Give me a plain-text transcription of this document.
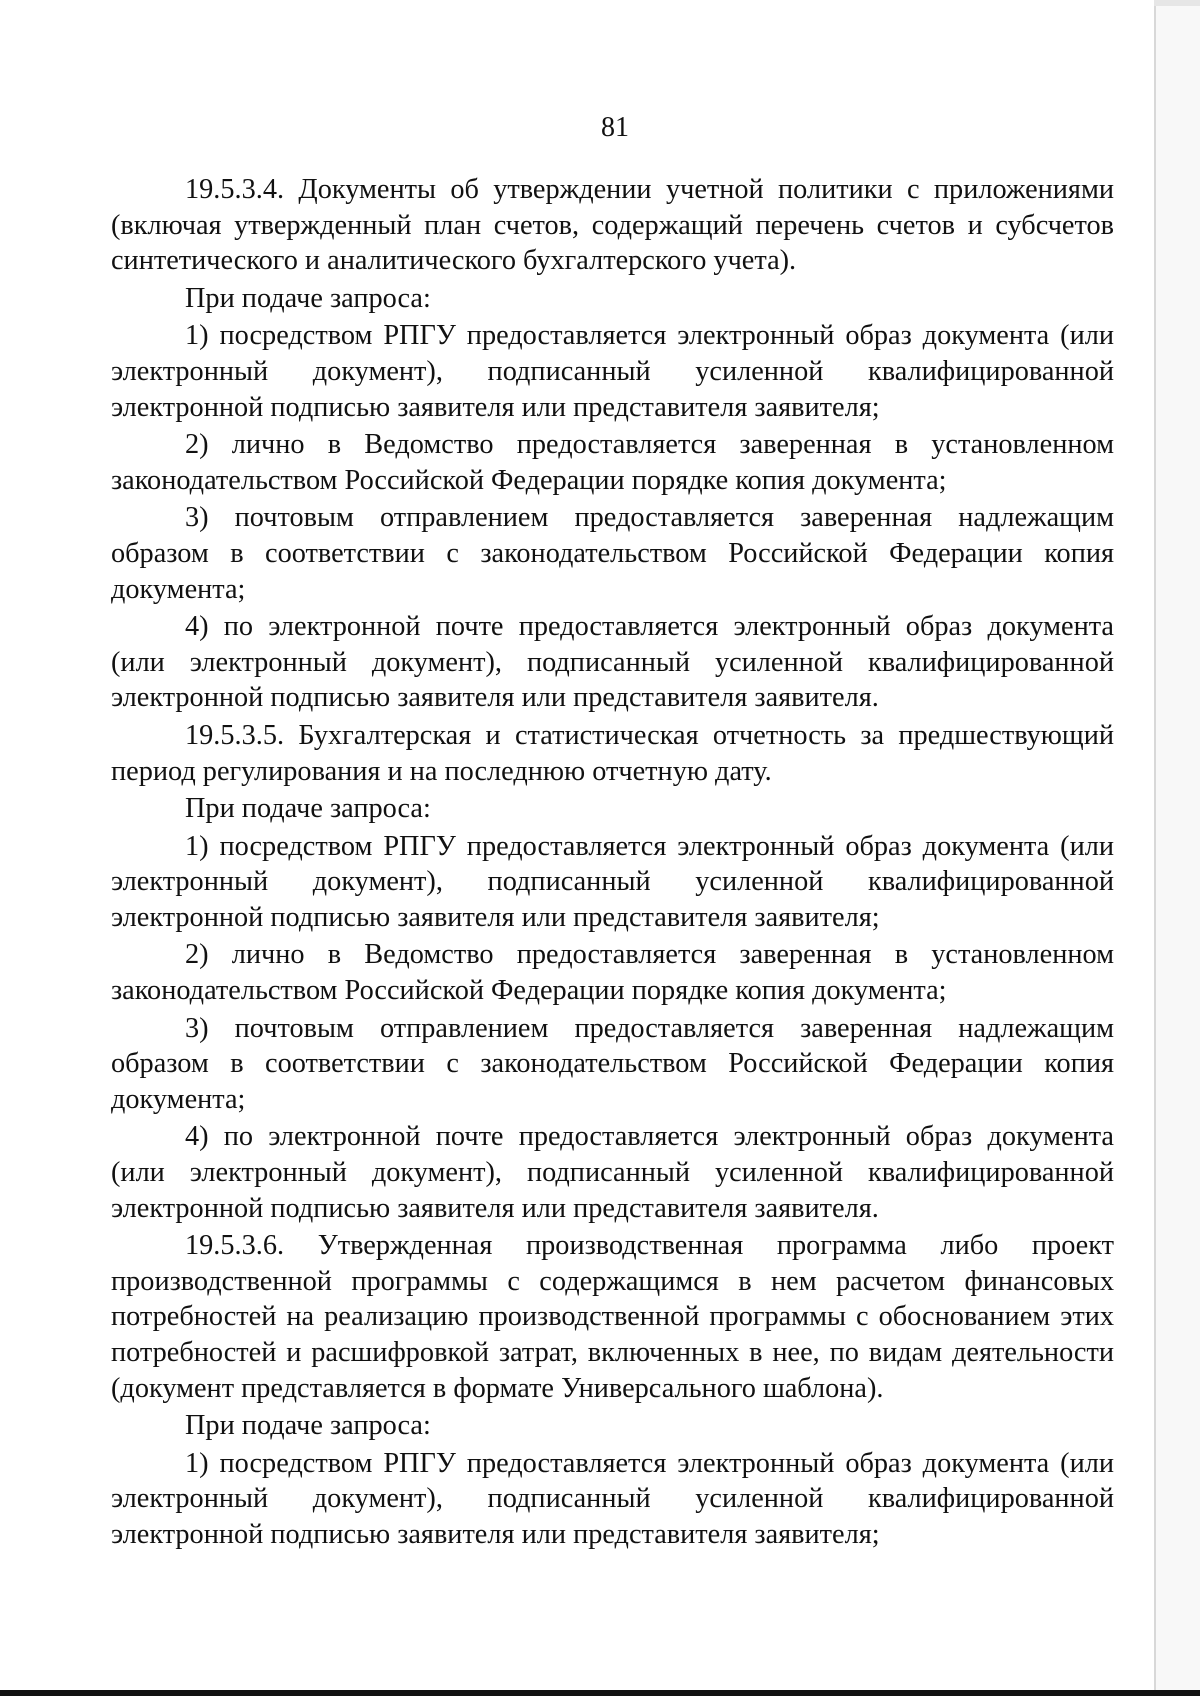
81

19.5.3.4. Документы об утверждении учетной политики с приложениями (включая утвержденный план счетов, содержащий перечень счетов и субсчетов синтетического и аналитического бухгалтерского учета).

При подаче запроса:

1) посредством РПГУ предоставляется электронный образ документа (или электронный документ), подписанный усиленной квалифицированной электронной подписью заявителя или представителя заявителя;

2) лично в Ведомство предоставляется заверенная в установленном законодательством Российской Федерации порядке копия документа;

3) почтовым отправлением предоставляется заверенная надлежащим образом в соответствии с законодательством Российской Федерации копия документа;

4) по электронной почте предоставляется электронный образ документа (или электронный документ), подписанный усиленной квалифицированной электронной подписью заявителя или представителя заявителя.

19.5.3.5. Бухгалтерская и статистическая отчетность за предшествующий период регулирования и на последнюю отчетную дату.

При подаче запроса:

1) посредством РПГУ предоставляется электронный образ документа (или электронный документ), подписанный усиленной квалифицированной электронной подписью заявителя или представителя заявителя;

2) лично в Ведомство предоставляется заверенная в установленном законодательством Российской Федерации порядке копия документа;

3) почтовым отправлением предоставляется заверенная надлежащим образом в соответствии с законодательством Российской Федерации копия документа;

4) по электронной почте предоставляется электронный образ документа (или электронный документ), подписанный усиленной квалифицированной электронной подписью заявителя или представителя заявителя.

19.5.3.6. Утвержденная производственная программа либо проект производственной программы с содержащимся в нем расчетом финансовых потребностей на реализацию производственной программы с обоснованием этих потребностей и расшифровкой затрат, включенных в нее, по видам деятельности (документ представляется в формате Универсального шаблона).

При подаче запроса:

1) посредством РПГУ предоставляется электронный образ документа (или электронный документ), подписанный усиленной квалифицированной электронной подписью заявителя или представителя заявителя;
